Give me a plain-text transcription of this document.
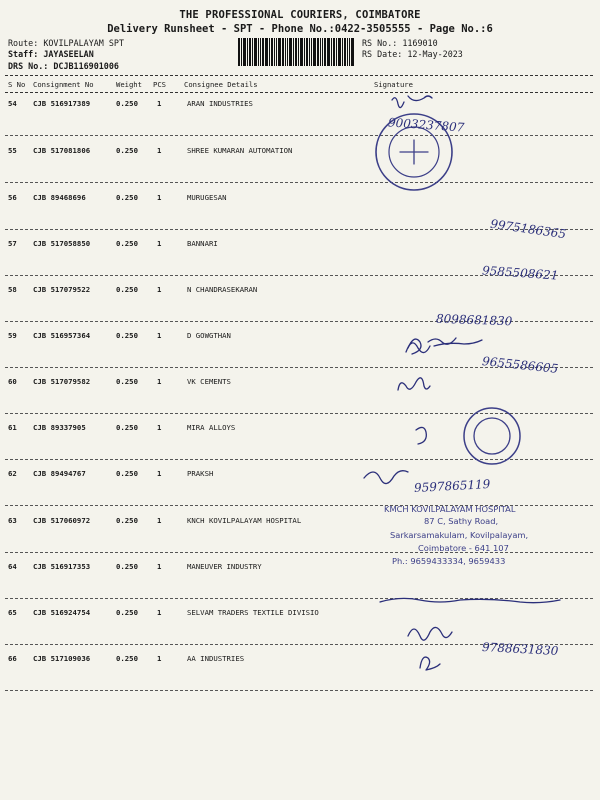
THE PROFESSIONAL COURIERS, COIMBATORE
Delivery Runsheet - SPT - Phone No.:0422-3505555 - Page No.:6
Route: KOVILPALAYAM SPT
Staff: JAYASEELAN
DRS No.: DCJB116901006
RS No.: 1169010
RS Date: 12-May-2023
S No Consignment No	Weight PCS	Consignee Details	Signature
54 CJB 516917389	0.250	1	ARAN INDUSTRIES
55 CJB 517081806	0.250	1	SHREE KUMARAN AUTOMATION
56 CJB 89468696	0.250	1	MURUGESAN
57 CJB 517058850	0.250	1	BANNARI
58 CJB 517079522	0.250	1	N CHANDRASEKARAN
59 CJB 516957364	0.250	1	D GOWGTHAN
60 CJB 517079582	0.250	1	VK CEMENTS
61 CJB 89337905	0.250	1	MIRA ALLOYS
62 CJB 89494767	0.250	1	PRAKSH
63 CJB 517060972	0.250	1	KNCH KOVILPALAYAM HOSPITAL
64 CJB 516917353	0.250	1	MANEUVER INDUSTRY
65 CJB 516924754	0.250	1	SELVAM TRADERS TEXTILE DIVISIO
66 CJB 517109036	0.250	1	AA INDUSTRIES
KMCH KOVILPALAYAM HOSPITAL
87 C, Sathy Road,
Sarkarsamakulam, Kovilpalayam,
Coimbatore - 641 107
Ph.: 9659433334, 9659433
9003237807
9975186365
9585508621
8098681830
9655586605
9597865119
9788631830
